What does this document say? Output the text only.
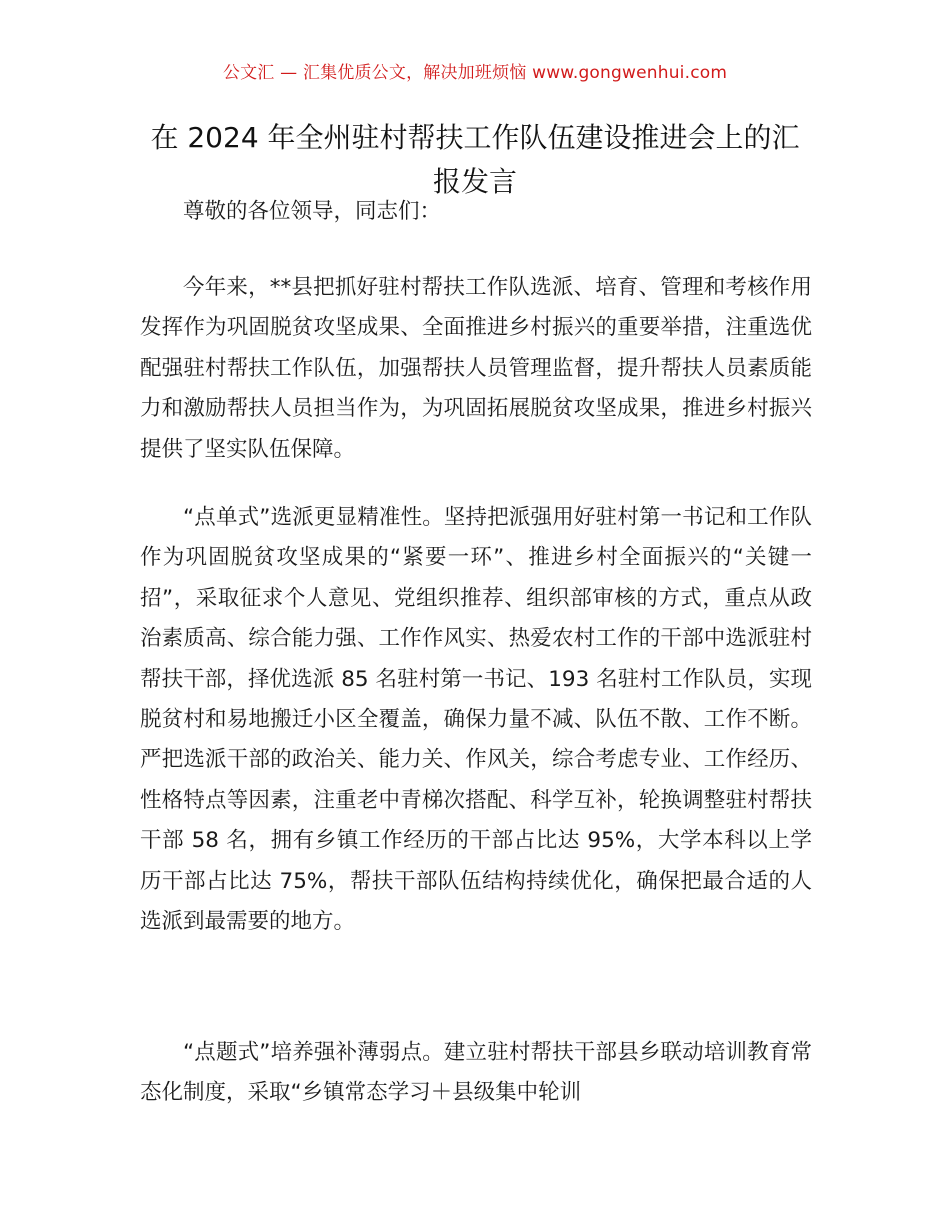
公文汇 — 汇集优质公文，解决加班烦恼 www.gongwenhui.com
在 2024 年全州驻村帮扶工作队伍建设推进会上的汇报发言

尊敬的各位领导，同志们：

今年来，**县把抓好驻村帮扶工作队选派、培育、管理和考核作用发挥作为巩固脱贫攻坚成果、全面推进乡村振兴的重要举措，注重选优配强驻村帮扶工作队伍，加强帮扶人员管理监督，提升帮扶人员素质能力和激励帮扶人员担当作为，为巩固拓展脱贫攻坚成果，推进乡村振兴提供了坚实队伍保障。

“点单式”选派更显精准性。坚持把派强用好驻村第一书记和工作队作为巩固脱贫攻坚成果的“紧要一环”、推进乡村全面振兴的“关键一招”，采取征求个人意见、党组织推荐、组织部审核的方式，重点从政治素质高、综合能力强、工作作风实、热爱农村工作的干部中选派驻村帮扶干部，择优选派 85 名驻村第一书记、193 名驻村工作队员，实现脱贫村和易地搬迁小区全覆盖，确保力量不减、队伍不散、工作不断。严把选派干部的政治关、能力关、作风关，综合考虑专业、工作经历、性格特点等因素，注重老中青梯次搭配、科学互补，轮换调整驻村帮扶干部 58 名，拥有乡镇工作经历的干部占比达 95%，大学本科以上学历干部占比达 75%，帮扶干部队伍结构持续优化，确保把最合适的人选派到最需要的地方。

“点题式”培养强补薄弱点。建立驻村帮扶干部县乡联动培训教育常态化制度，采取“乡镇常态学习＋县级集中轮训
